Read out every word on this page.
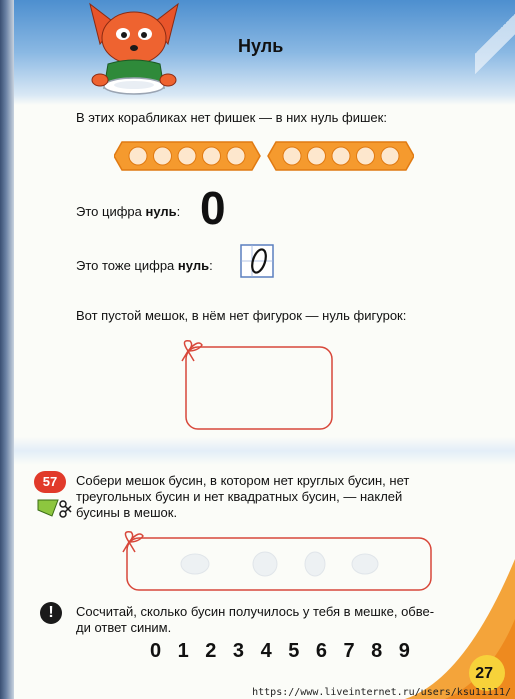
Нуль

В этих корабликах нет фишек — в них нуль фишек:

Это цифра нуль: 0

Это тоже цифра нуль:

Вот пустой мешок, в нём нет фигурок — нуль фигурок:

57	Собери мешок бусин, в котором нет круглых бусин, нет

треугольных бусин и нет квадратных бусин, — наклей

бусины в мешок.

!	Сосчитай, сколько бусин получилось у тебя в мешке, обве-

ди ответ синим.

0 1 2 3 4 5 6 7 8 9
27

https://www.liveinternet.ru/users/ksu11111/
